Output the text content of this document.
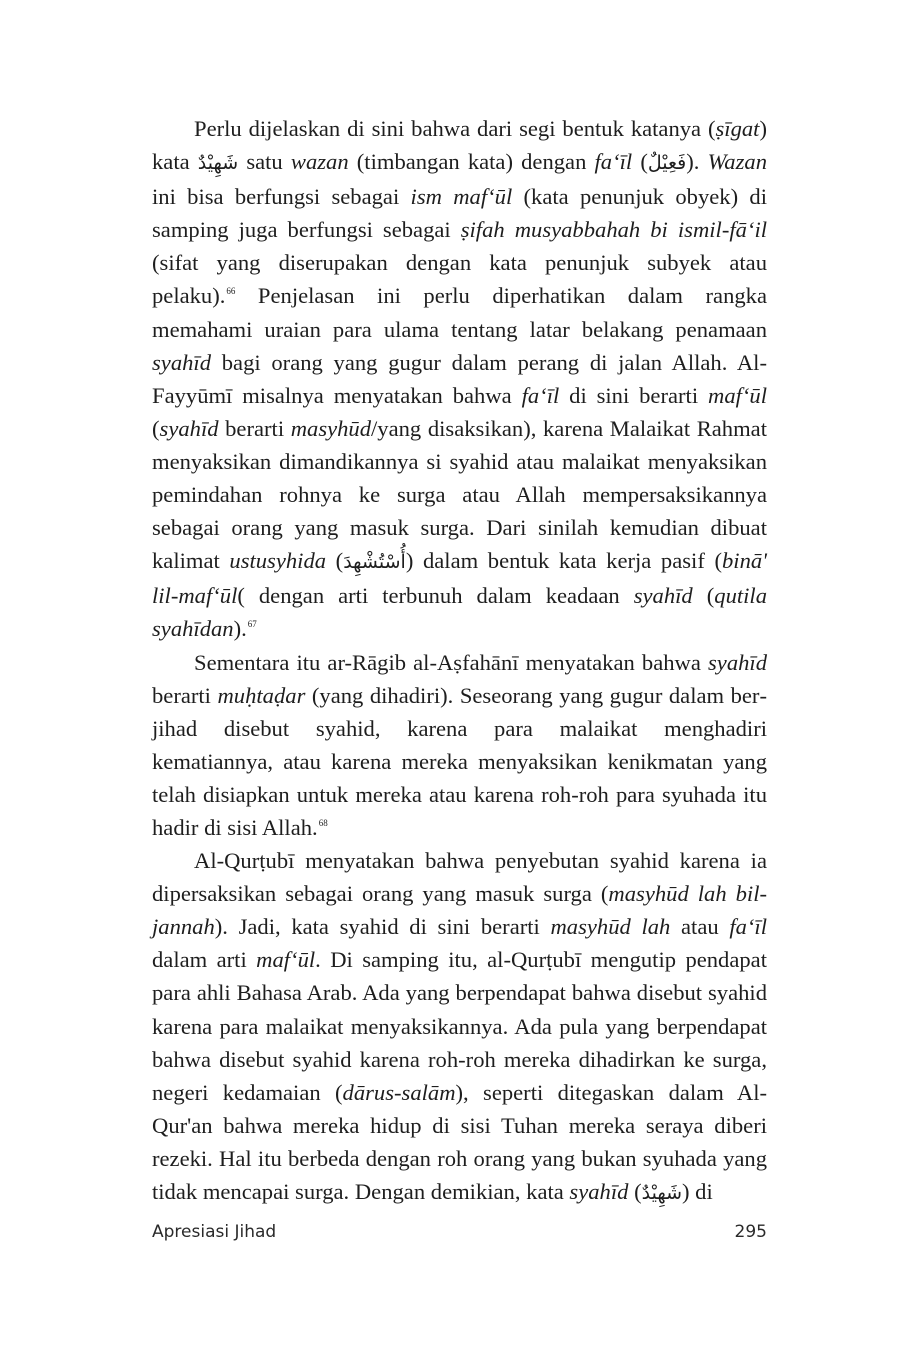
Perlu dijelaskan di sini bahwa dari segi bentuk katanya (ṣīgat) kata شَهِيْدٌ satu wazan (timbangan kata) dengan fa‘īl (فَعِيْلٌ). Wazan ini bisa berfungsi sebagai ism maf‘ūl (kata penunjuk obyek) di samping juga berfungsi sebagai ṣifah musyabbahah bi ismil-fā‘il (sifat yang diserupakan dengan kata penunjuk subyek atau pelaku).$^{66}$ Penjelasan ini perlu diperhatikan dalam rangka memahami uraian para ulama tentang latar belakang penamaan syahīd bagi orang yang gugur dalam perang di jalan Allah. Al-Fayyūmī misalnya menyatakan bahwa fa‘īl di sini berarti maf‘ūl (syahīd berarti masyhūd/yang disaksikan), karena Malaikat Rahmat menyaksikan dimandikannya si syahid atau malaikat menyaksikan pemindahan rohnya ke surga atau Allah mempersaksikannya sebagai orang yang masuk surga. Dari sinilah kemudian dibuat kalimat ustusyhida (أُسْتُشْهِدَ) dalam bentuk kata kerja pasif (binā' lil-maf‘ūl( dengan arti terbunuh dalam keadaan syahīd (qutila syahīdan).$^{67}$

Sementara itu ar-Rāgib al-Aṣfahānī menyatakan bahwa syahīd berarti muḥtaḍar (yang dihadiri). Seseorang yang gugur dalam berjihad disebut syahid, karena para malaikat menghadiri kematiannya, atau karena mereka menyaksikan kenikmatan yang telah disiapkan untuk mereka atau karena roh-roh para syuhada itu hadir di sisi Allah.$^{68}$

Al-Qurṭubī menyatakan bahwa penyebutan syahid karena ia dipersaksikan sebagai orang yang masuk surga (masyhūd lah bil-jannah). Jadi, kata syahid di sini berarti masyhūd lah atau fa‘īl dalam arti maf‘ūl. Di samping itu, al-Qurṭubī mengutip pendapat para ahli Bahasa Arab. Ada yang berpendapat bahwa disebut syahid karena para malaikat menyaksikannya. Ada pula yang berpendapat bahwa disebut syahid karena roh-roh mereka dihadirkan ke surga, negeri kedamaian (dārus-salām), seperti ditegaskan dalam Al-Qur'an bahwa mereka hidup di sisi Tuhan mereka seraya diberi rezeki. Hal itu berbeda dengan roh orang yang bukan syuhada yang tidak mencapai surga. Dengan demikian, kata syahīd (شَهِيْدٌ) di

Apresiasi Jihad	295
